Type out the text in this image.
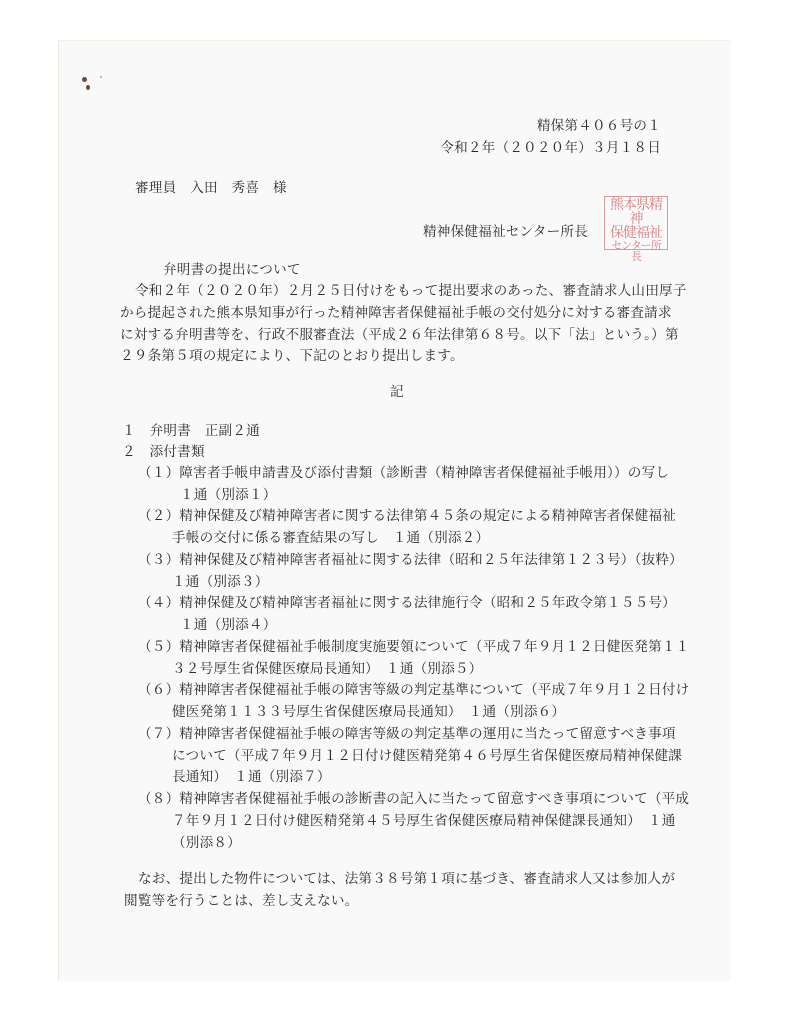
精保第４０６号の１
令和２年（２０２０年）３月１８日
審理員　入田　秀喜　様
精神保健福祉センター所長
熊本県精神
保健福祉
センター所長
弁明書の提出について
令和２年（２０２０年）２月２５日付けをもって提出要求のあった、審査請求人山田厚子
から提起された熊本県知事が行った精神障害者保健福祉手帳の交付処分に対する審査請求
に対する弁明書等を、行政不服審査法（平成２６年法律第６８号。以下「法」という。）第
２９条第５項の規定により、下記のとおり提出します。
記
１　弁明書　正副２通
２　添付書類
（１）障害者手帳申請書及び添付書類（診断書（精神障害者保健福祉手帳用））の写し
１通（別添１）
（２）精神保健及び精神障害者に関する法律第４５条の規定による精神障害者保健福祉
手帳の交付に係る審査結果の写し　１通（別添２）
（３）精神保健及び精神障害者福祉に関する法律（昭和２５年法律第１２３号）（抜粋）
１通（別添３）
（４）精神保健及び精神障害者福祉に関する法律施行令（昭和２５年政令第１５５号）
１通（別添４）
（５）精神障害者保健福祉手帳制度実施要領について（平成７年９月１２日健医発第１１
３２号厚生省保健医療局長通知）　１通（別添５）
（６）精神障害者保健福祉手帳の障害等級の判定基準について（平成７年９月１２日付け
健医発第１１３３号厚生省保健医療局長通知）　１通（別添６）
（７）精神障害者保健福祉手帳の障害等級の判定基準の運用に当たって留意すべき事項
について（平成７年９月１２日付け健医精発第４６号厚生省保健医療局精神保健課
長通知）　１通（別添７）
（８）精神障害者保健福祉手帳の診断書の記入に当たって留意すべき事項について（平成
７年９月１２日付け健医精発第４５号厚生省保健医療局精神保健課長通知）　１通
（別添８）
なお、提出した物件については、法第３８号第１項に基づき、審査請求人又は参加人が
閲覧等を行うことは、差し支えない。
